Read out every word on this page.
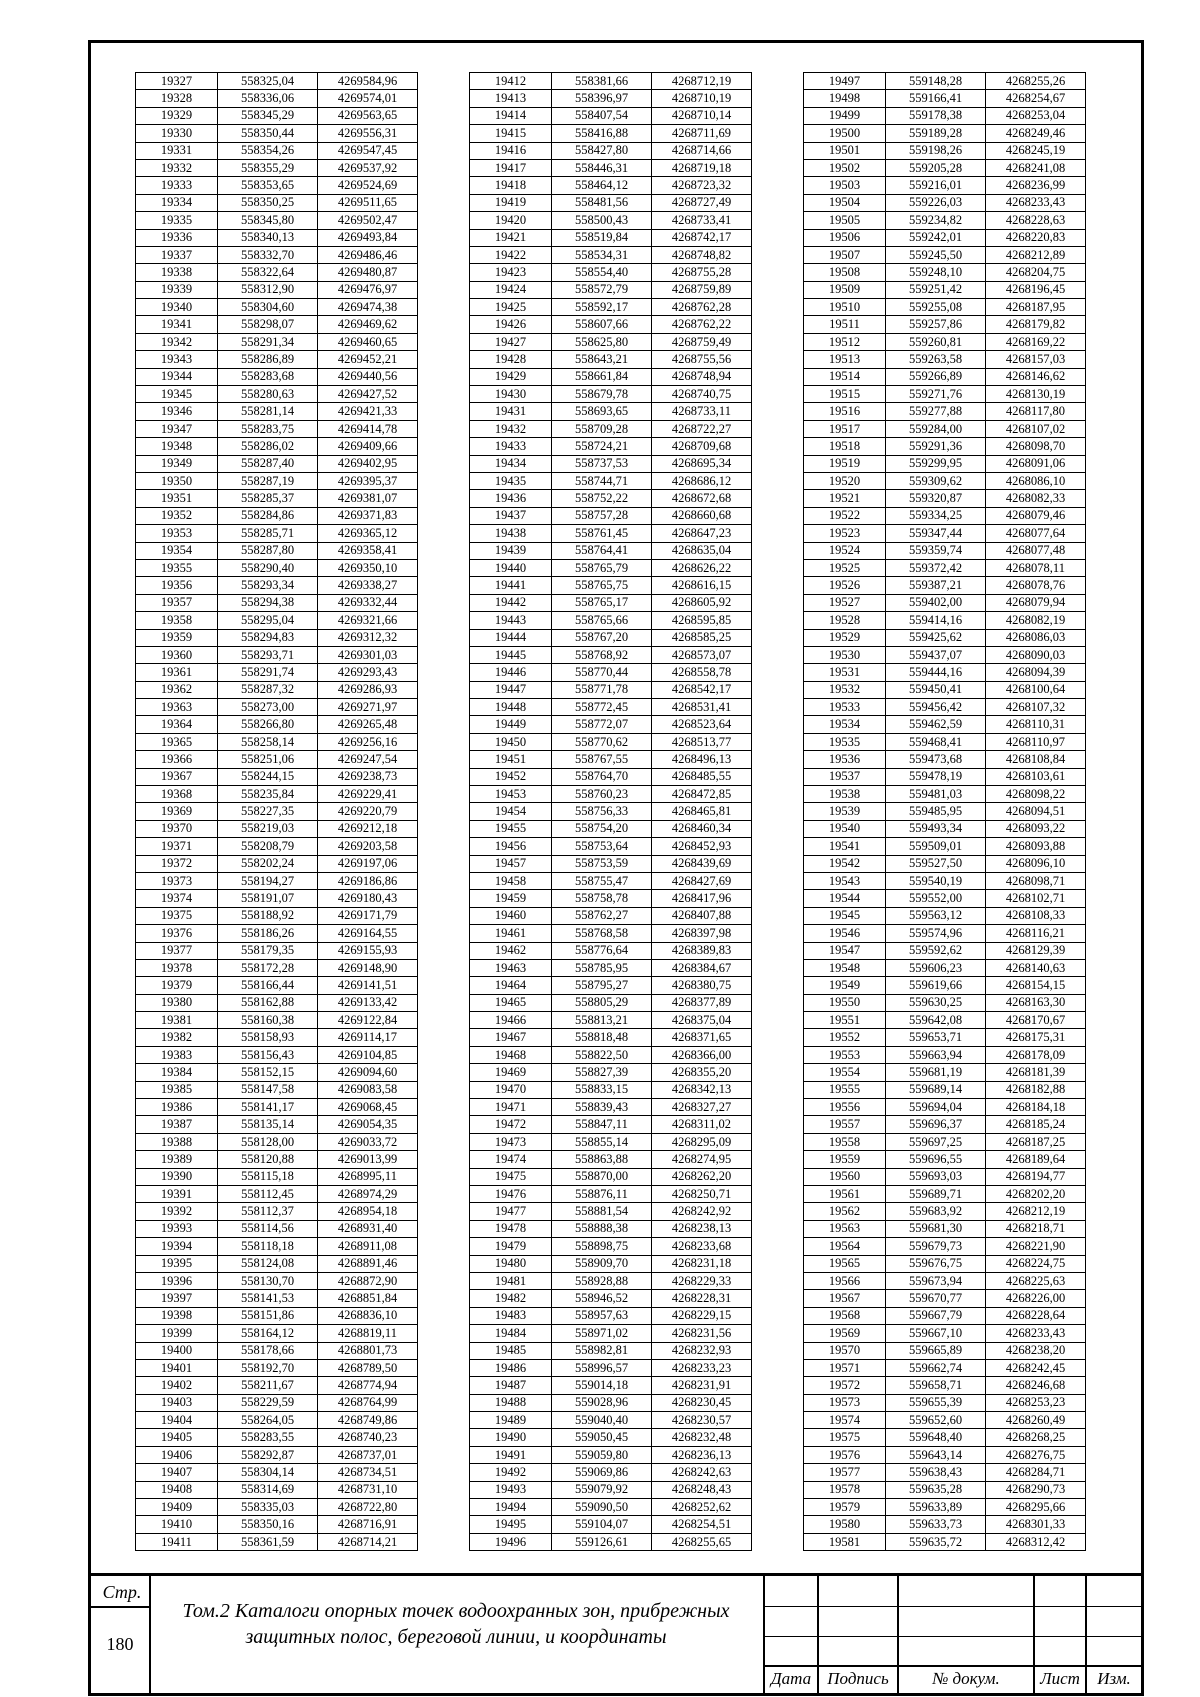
19327	558325,04	4269584,96
19328	558336,06	4269574,01
19329	558345,29	4269563,65
19330	558350,44	4269556,31
19331	558354,26	4269547,45
19332	558355,29	4269537,92
19333	558353,65	4269524,69
19334	558350,25	4269511,65
19335	558345,80	4269502,47
19336	558340,13	4269493,84
19337	558332,70	4269486,46
19338	558322,64	4269480,87
19339	558312,90	4269476,97
19340	558304,60	4269474,38
19341	558298,07	4269469,62
19342	558291,34	4269460,65
19343	558286,89	4269452,21
19344	558283,68	4269440,56
19345	558280,63	4269427,52
19346	558281,14	4269421,33
19347	558283,75	4269414,78
19348	558286,02	4269409,66
19349	558287,40	4269402,95
19350	558287,19	4269395,37
19351	558285,37	4269381,07
19352	558284,86	4269371,83
19353	558285,71	4269365,12
19354	558287,80	4269358,41
19355	558290,40	4269350,10
19356	558293,34	4269338,27
19357	558294,38	4269332,44
19358	558295,04	4269321,66
19359	558294,83	4269312,32
19360	558293,71	4269301,03
19361	558291,74	4269293,43
19362	558287,32	4269286,93
19363	558273,00	4269271,97
19364	558266,80	4269265,48
19365	558258,14	4269256,16
19366	558251,06	4269247,54
19367	558244,15	4269238,73
19368	558235,84	4269229,41
19369	558227,35	4269220,79
19370	558219,03	4269212,18
19371	558208,79	4269203,58
19372	558202,24	4269197,06
19373	558194,27	4269186,86
19374	558191,07	4269180,43
19375	558188,92	4269171,79
19376	558186,26	4269164,55
19377	558179,35	4269155,93
19378	558172,28	4269148,90
19379	558166,44	4269141,51
19380	558162,88	4269133,42
19381	558160,38	4269122,84
19382	558158,93	4269114,17
19383	558156,43	4269104,85
19384	558152,15	4269094,60
19385	558147,58	4269083,58
19386	558141,17	4269068,45
19387	558135,14	4269054,35
19388	558128,00	4269033,72
19389	558120,88	4269013,99
19390	558115,18	4268995,11
19391	558112,45	4268974,29
19392	558112,37	4268954,18
19393	558114,56	4268931,40
19394	558118,18	4268911,08
19395	558124,08	4268891,46
19396	558130,70	4268872,90
19397	558141,53	4268851,84
19398	558151,86	4268836,10
19399	558164,12	4268819,11
19400	558178,66	4268801,73
19401	558192,70	4268789,50
19402	558211,67	4268774,94
19403	558229,59	4268764,99
19404	558264,05	4268749,86
19405	558283,55	4268740,23
19406	558292,87	4268737,01
19407	558304,14	4268734,51
19408	558314,69	4268731,10
19409	558335,03	4268722,80
19410	558350,16	4268716,91
19411	558361,59	4268714,21
19412	558381,66	4268712,19
19413	558396,97	4268710,19
19414	558407,54	4268710,14
19415	558416,88	4268711,69
19416	558427,80	4268714,66
19417	558446,31	4268719,18
19418	558464,12	4268723,32
19419	558481,56	4268727,49
19420	558500,43	4268733,41
19421	558519,84	4268742,17
19422	558534,31	4268748,82
19423	558554,40	4268755,28
19424	558572,79	4268759,89
19425	558592,17	4268762,28
19426	558607,66	4268762,22
19427	558625,80	4268759,49
19428	558643,21	4268755,56
19429	558661,84	4268748,94
19430	558679,78	4268740,75
19431	558693,65	4268733,11
19432	558709,28	4268722,27
19433	558724,21	4268709,68
19434	558737,53	4268695,34
19435	558744,71	4268686,12
19436	558752,22	4268672,68
19437	558757,28	4268660,68
19438	558761,45	4268647,23
19439	558764,41	4268635,04
19440	558765,79	4268626,22
19441	558765,75	4268616,15
19442	558765,17	4268605,92
19443	558765,66	4268595,85
19444	558767,20	4268585,25
19445	558768,92	4268573,07
19446	558770,44	4268558,78
19447	558771,78	4268542,17
19448	558772,45	4268531,41
19449	558772,07	4268523,64
19450	558770,62	4268513,77
19451	558767,55	4268496,13
19452	558764,70	4268485,55
19453	558760,23	4268472,85
19454	558756,33	4268465,81
19455	558754,20	4268460,34
19456	558753,64	4268452,93
19457	558753,59	4268439,69
19458	558755,47	4268427,69
19459	558758,78	4268417,96
19460	558762,27	4268407,88
19461	558768,58	4268397,98
19462	558776,64	4268389,83
19463	558785,95	4268384,67
19464	558795,27	4268380,75
19465	558805,29	4268377,89
19466	558813,21	4268375,04
19467	558818,48	4268371,65
19468	558822,50	4268366,00
19469	558827,39	4268355,20
19470	558833,15	4268342,13
19471	558839,43	4268327,27
19472	558847,11	4268311,02
19473	558855,14	4268295,09
19474	558863,88	4268274,95
19475	558870,00	4268262,20
19476	558876,11	4268250,71
19477	558881,54	4268242,92
19478	558888,38	4268238,13
19479	558898,75	4268233,68
19480	558909,70	4268231,18
19481	558928,88	4268229,33
19482	558946,52	4268228,31
19483	558957,63	4268229,15
19484	558971,02	4268231,56
19485	558982,81	4268232,93
19486	558996,57	4268233,23
19487	559014,18	4268231,91
19488	559028,96	4268230,45
19489	559040,40	4268230,57
19490	559050,45	4268232,48
19491	559059,80	4268236,13
19492	559069,86	4268242,63
19493	559079,92	4268248,43
19494	559090,50	4268252,62
19495	559104,07	4268254,51
19496	559126,61	4268255,65
19497	559148,28	4268255,26
19498	559166,41	4268254,67
19499	559178,38	4268253,04
19500	559189,28	4268249,46
19501	559198,26	4268245,19
19502	559205,28	4268241,08
19503	559216,01	4268236,99
19504	559226,03	4268233,43
19505	559234,82	4268228,63
19506	559242,01	4268220,83
19507	559245,50	4268212,89
19508	559248,10	4268204,75
19509	559251,42	4268196,45
19510	559255,08	4268187,95
19511	559257,86	4268179,82
19512	559260,81	4268169,22
19513	559263,58	4268157,03
19514	559266,89	4268146,62
19515	559271,76	4268130,19
19516	559277,88	4268117,80
19517	559284,00	4268107,02
19518	559291,36	4268098,70
19519	559299,95	4268091,06
19520	559309,62	4268086,10
19521	559320,87	4268082,33
19522	559334,25	4268079,46
19523	559347,44	4268077,64
19524	559359,74	4268077,48
19525	559372,42	4268078,11
19526	559387,21	4268078,76
19527	559402,00	4268079,94
19528	559414,16	4268082,19
19529	559425,62	4268086,03
19530	559437,07	4268090,03
19531	559444,16	4268094,39
19532	559450,41	4268100,64
19533	559456,42	4268107,32
19534	559462,59	4268110,31
19535	559468,41	4268110,97
19536	559473,68	4268108,84
19537	559478,19	4268103,61
19538	559481,03	4268098,22
19539	559485,95	4268094,51
19540	559493,34	4268093,22
19541	559509,01	4268093,88
19542	559527,50	4268096,10
19543	559540,19	4268098,71
19544	559552,00	4268102,71
19545	559563,12	4268108,33
19546	559574,96	4268116,21
19547	559592,62	4268129,39
19548	559606,23	4268140,63
19549	559619,66	4268154,15
19550	559630,25	4268163,30
19551	559642,08	4268170,67
19552	559653,71	4268175,31
19553	559663,94	4268178,09
19554	559681,19	4268181,39
19555	559689,14	4268182,88
19556	559694,04	4268184,18
19557	559696,37	4268185,24
19558	559697,25	4268187,25
19559	559696,55	4268189,64
19560	559693,03	4268194,77
19561	559689,71	4268202,20
19562	559683,92	4268212,19
19563	559681,30	4268218,71
19564	559679,73	4268221,90
19565	559676,75	4268224,75
19566	559673,94	4268225,63
19567	559670,77	4268226,00
19568	559667,79	4268228,64
19569	559667,10	4268233,43
19570	559665,89	4268238,20
19571	559662,74	4268242,45
19572	559658,71	4268246,68
19573	559655,39	4268253,23
19574	559652,60	4268260,49
19575	559648,40	4268268,25
19576	559643,14	4268276,75
19577	559638,43	4268284,71
19578	559635,28	4268290,73
19579	559633,89	4268295,66
19580	559633,73	4268301,33
19581	559635,72	4268312,42
Стр.
180
Том.2 Каталоги опорных точек водоохранных зон, прибрежных
защитных полос, береговой линии, и координаты
Дата Подпись	№ докум.	Лист	Изм.
